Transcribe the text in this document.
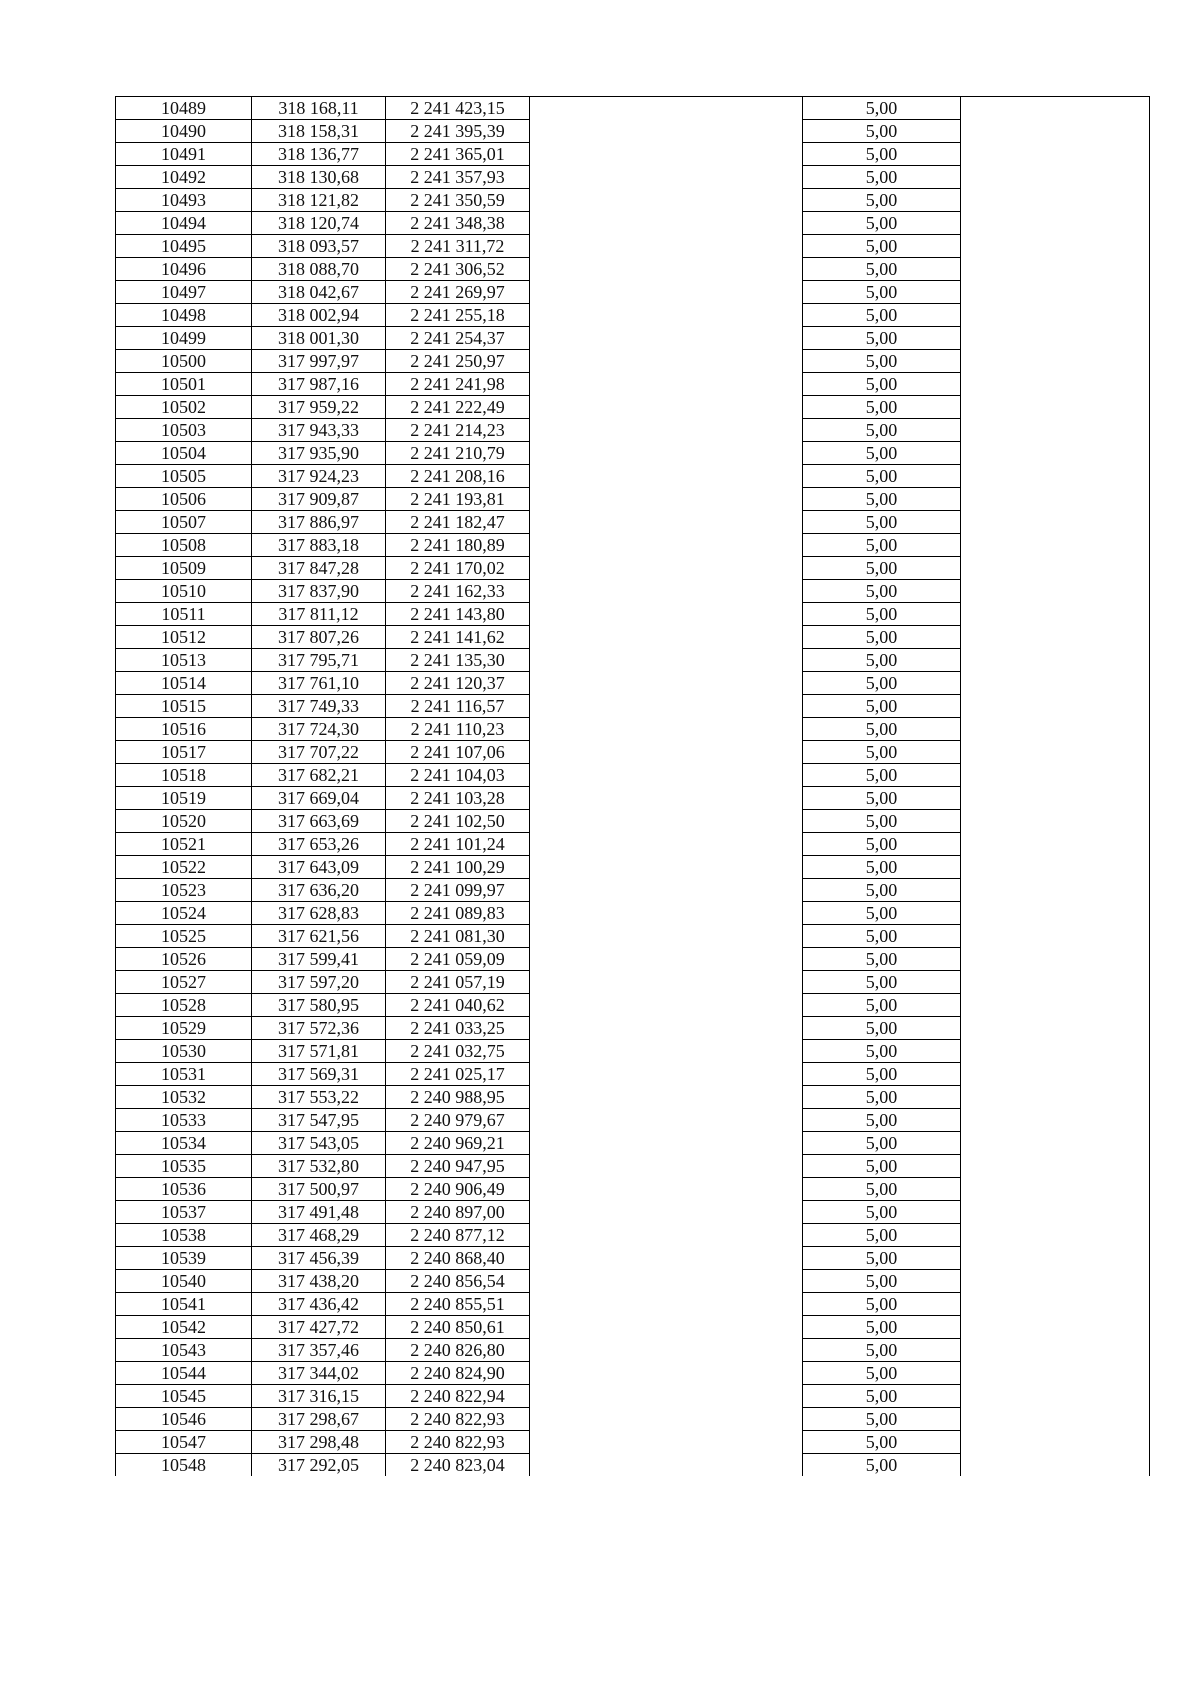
10489	318 168,11	2 241 423,15		5,00	
10490	318 158,31	2 241 395,39		5,00	
10491	318 136,77	2 241 365,01		5,00	
10492	318 130,68	2 241 357,93		5,00	
10493	318 121,82	2 241 350,59		5,00	
10494	318 120,74	2 241 348,38		5,00	
10495	318 093,57	2 241 311,72		5,00	
10496	318 088,70	2 241 306,52		5,00	
10497	318 042,67	2 241 269,97		5,00	
10498	318 002,94	2 241 255,18		5,00	
10499	318 001,30	2 241 254,37		5,00	
10500	317 997,97	2 241 250,97		5,00	
10501	317 987,16	2 241 241,98		5,00	
10502	317 959,22	2 241 222,49		5,00	
10503	317 943,33	2 241 214,23		5,00	
10504	317 935,90	2 241 210,79		5,00	
10505	317 924,23	2 241 208,16		5,00	
10506	317 909,87	2 241 193,81		5,00	
10507	317 886,97	2 241 182,47		5,00	
10508	317 883,18	2 241 180,89		5,00	
10509	317 847,28	2 241 170,02		5,00	
10510	317 837,90	2 241 162,33		5,00	
10511	317 811,12	2 241 143,80		5,00	
10512	317 807,26	2 241 141,62		5,00	
10513	317 795,71	2 241 135,30		5,00	
10514	317 761,10	2 241 120,37		5,00	
10515	317 749,33	2 241 116,57		5,00	
10516	317 724,30	2 241 110,23		5,00	
10517	317 707,22	2 241 107,06		5,00	
10518	317 682,21	2 241 104,03		5,00	
10519	317 669,04	2 241 103,28		5,00	
10520	317 663,69	2 241 102,50		5,00	
10521	317 653,26	2 241 101,24		5,00	
10522	317 643,09	2 241 100,29		5,00	
10523	317 636,20	2 241 099,97		5,00	
10524	317 628,83	2 241 089,83		5,00	
10525	317 621,56	2 241 081,30		5,00	
10526	317 599,41	2 241 059,09		5,00	
10527	317 597,20	2 241 057,19		5,00	
10528	317 580,95	2 241 040,62		5,00	
10529	317 572,36	2 241 033,25		5,00	
10530	317 571,81	2 241 032,75		5,00	
10531	317 569,31	2 241 025,17		5,00	
10532	317 553,22	2 240 988,95		5,00	
10533	317 547,95	2 240 979,67		5,00	
10534	317 543,05	2 240 969,21		5,00	
10535	317 532,80	2 240 947,95		5,00	
10536	317 500,97	2 240 906,49		5,00	
10537	317 491,48	2 240 897,00		5,00	
10538	317 468,29	2 240 877,12		5,00	
10539	317 456,39	2 240 868,40		5,00	
10540	317 438,20	2 240 856,54		5,00	
10541	317 436,42	2 240 855,51		5,00	
10542	317 427,72	2 240 850,61		5,00	
10543	317 357,46	2 240 826,80		5,00	
10544	317 344,02	2 240 824,90		5,00	
10545	317 316,15	2 240 822,94		5,00	
10546	317 298,67	2 240 822,93		5,00	
10547	317 298,48	2 240 822,93		5,00	
10548	317 292,05	2 240 823,04		5,00	
